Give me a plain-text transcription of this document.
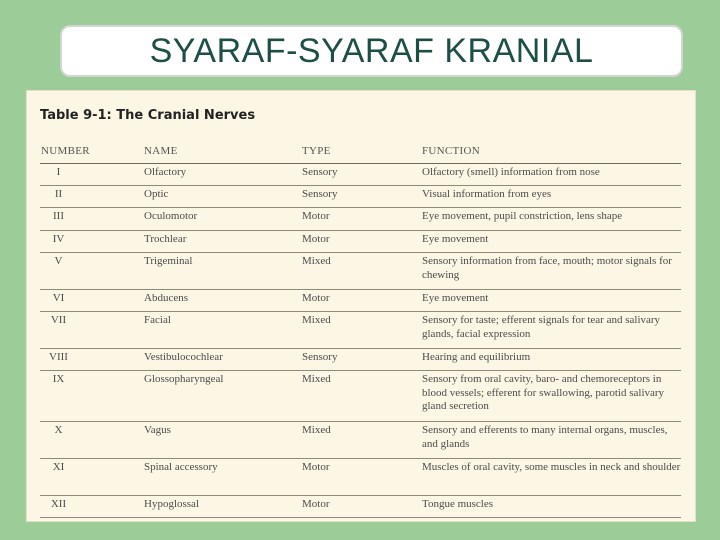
SYARAF-SYARAF KRANIAL
Table 9-1: The Cranial Nerves
NUMBER	NAME	TYPE	FUNCTION
I	Olfactory	Sensory	Olfactory (smell) information from nose
II	Optic	Sensory	Visual information from eyes
III	Oculomotor	Motor	Eye movement, pupil constriction, lens shape
IV	Trochlear	Motor	Eye movement
V	Trigeminal	Mixed	Sensory information from face, mouth; motor signals for chewing
VI	Abducens	Motor	Eye movement
VII	Facial	Mixed	Sensory for taste; efferent signals for tear and salivary glands, facial expression
VIII	Vestibulocochlear	Sensory	Hearing and equilibrium
IX	Glossopharyngeal	Mixed	Sensory from oral cavity, baro- and chemoreceptors in blood vessels; efferent for swallowing, parotid salivary gland secretion
X	Vagus	Mixed	Sensory and efferents to many internal organs, muscles, and glands
XI	Spinal accessory	Motor	Muscles of oral cavity, some muscles in neck and shoulder
XII	Hypoglossal	Motor	Tongue muscles
